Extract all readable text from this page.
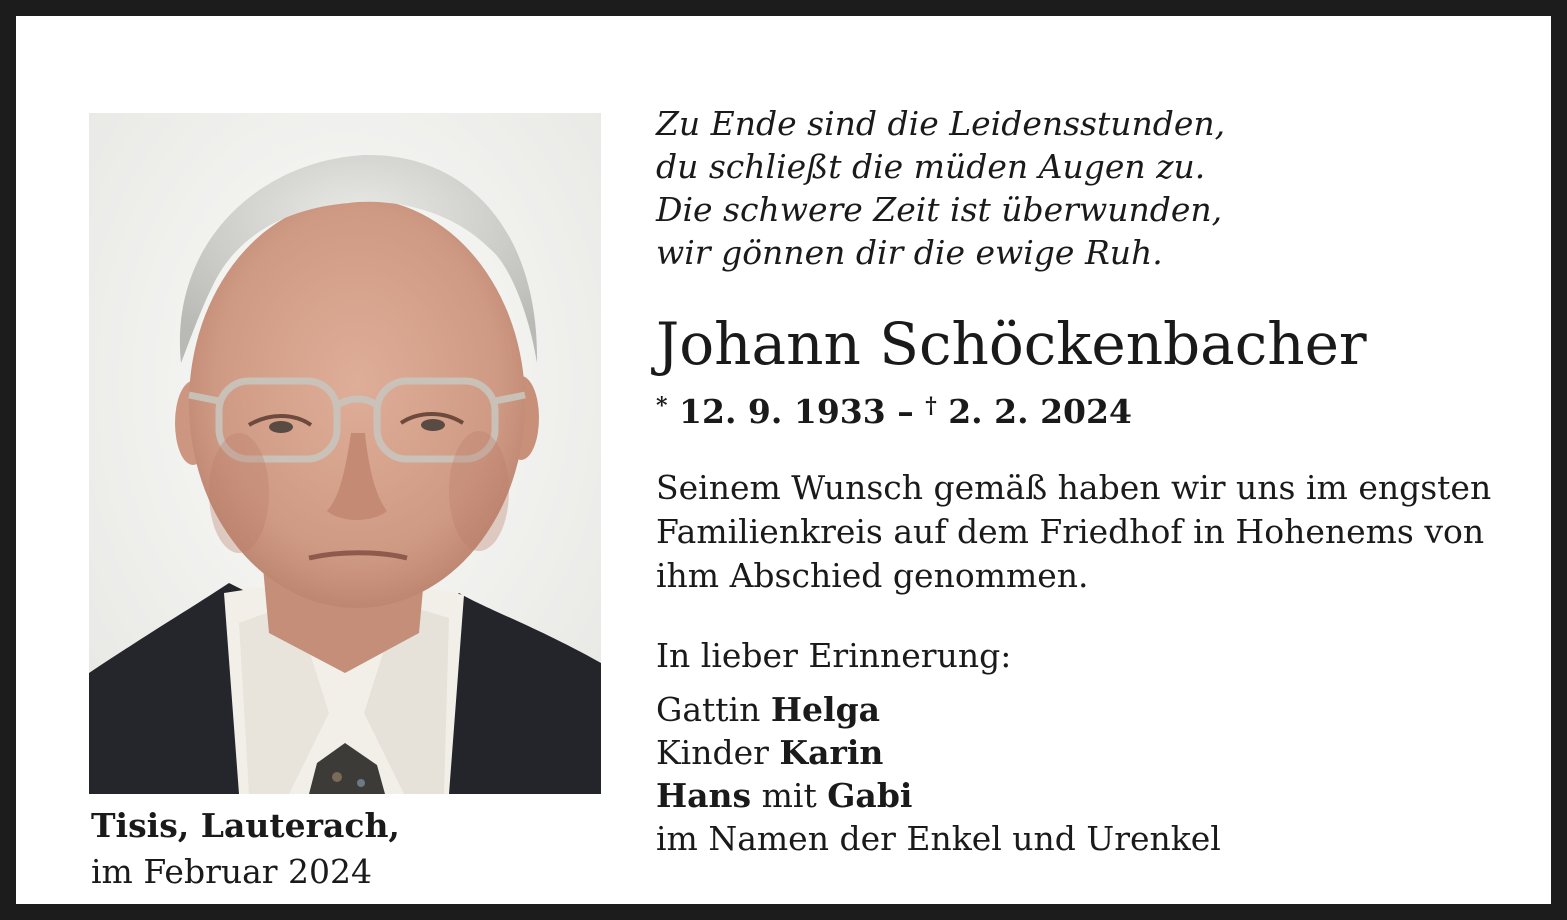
Tisis, Lauterach,
im Februar 2024
Zu Ende sind die Leidensstunden,
du schließt die müden Augen zu.
Die schwere Zeit ist überwunden,
wir gönnen dir die ewige Ruh.
Johann Schöckenbacher
* 12. 9. 1933 – † 2. 2. 2024
Seinem Wunsch gemäß haben wir uns im engsten
Familienkreis auf dem Friedhof in Hohenems von
ihm Abschied genommen.
In lieber Erinnerung:
Gattin Helga
Kinder Karin
Hans mit Gabi
im Namen der Enkel und Urenkel
